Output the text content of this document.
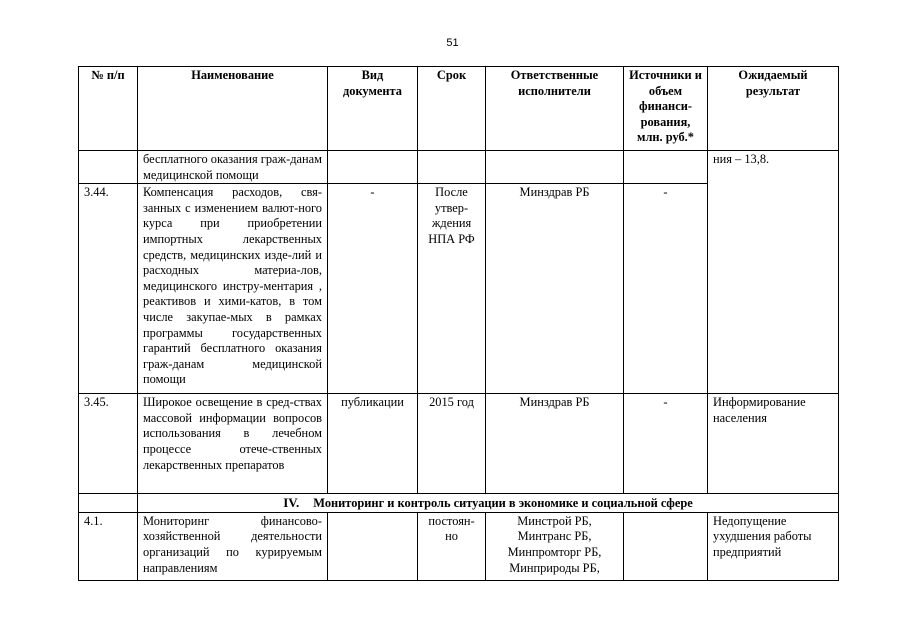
51
№ п/п	Наименование	Вид документа	Срок	Ответственные исполнители	Источники и объем финанси-рования, млн. руб.*	Ожидаемый результат
	бесплатного оказания граж-данам медицинской помощи					ния – 13,8.
3.44.	Компенсация расходов, свя-занных с изменением валют-ного курса при приобретении импортных лекарственных средств, медицинских изде-лий и расходных материа-лов, медицинского инстру-ментария , реактивов и хими-катов, в том числе закупае-мых в рамках программы государственных гарантий бесплатного оказания граж-данам медицинской помощи	-	После утвер-ждения НПА РФ	Минздрав РБ	-	
3.45.	Широкое освещение в сред-ствах массовой информации вопросов использования в лечебном процессе отече-ственных лекарственных препаратов	публикации	2015 год	Минздрав РБ	-	Информирование населения
	IV. Мониторинг и контроль ситуации в экономике и социальной сфере					
4.1.	Мониторинг финансово-хозяйственной деятельности организаций по курируемым направлениям		постоян-но	Минстрой РБ, Минтранс РБ, Минпромторг РБ, Минприроды РБ,		Недопущение ухудшения работы предприятий
